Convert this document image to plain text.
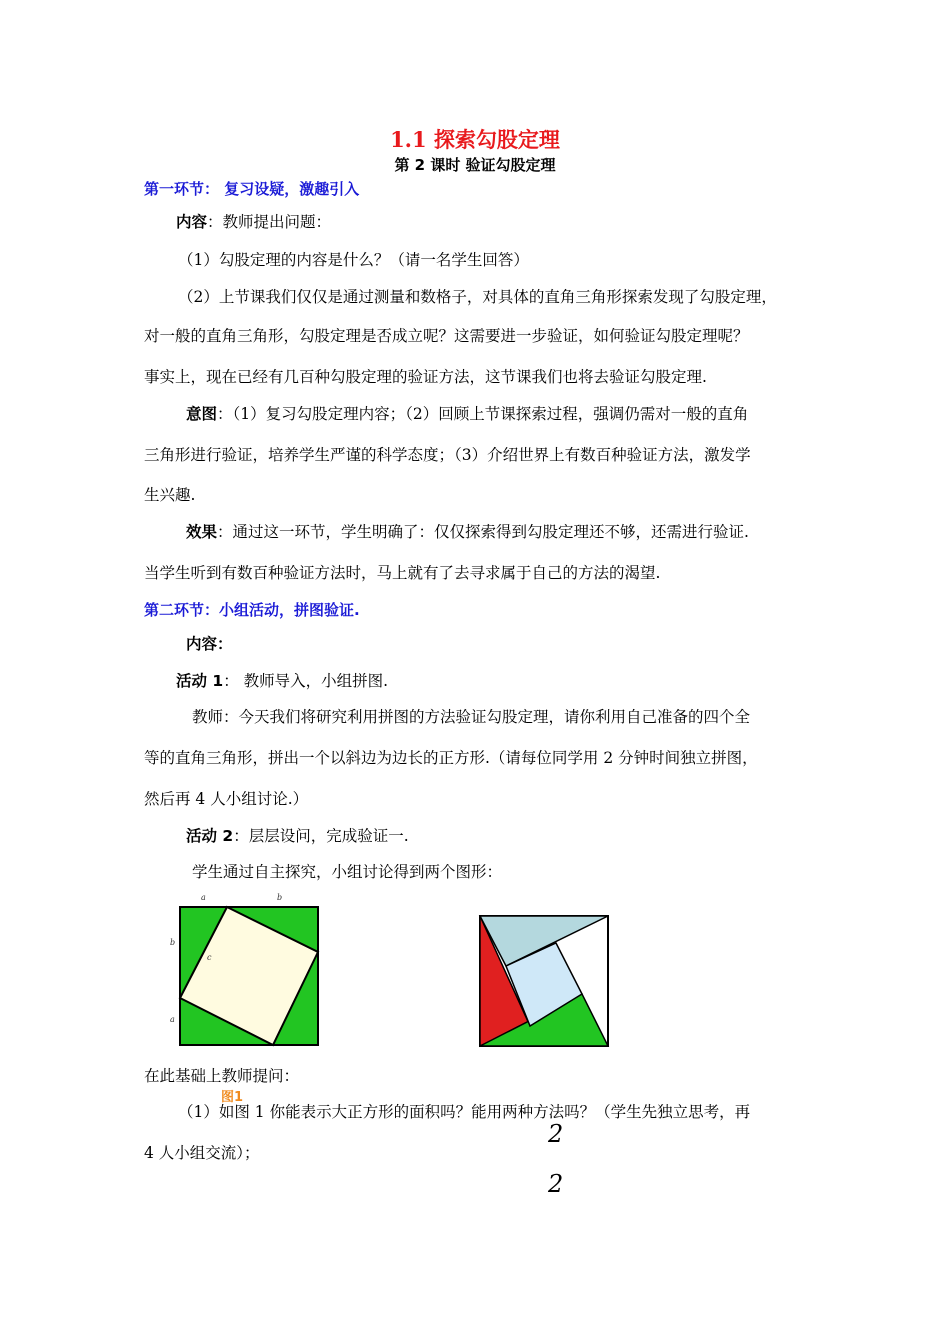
1.1 探索勾股定理
第 2 课时 验证勾股定理
第一环节： 复习设疑，激趣引入
内容：教师提出问题：
（1）勾股定理的内容是什么？（请一名学生回答）
（2）上节课我们仅仅是通过测量和数格子，对具体的直角三角形探索发现了勾股定理，
对一般的直角三角形，勾股定理是否成立呢？这需要进一步验证，如何验证勾股定理呢？
事实上，现在已经有几百种勾股定理的验证方法，这节课我们也将去验证勾股定理.
意图：（1）复习勾股定理内容；（2）回顾上节课探索过程，强调仍需对一般的直角
三角形进行验证，培养学生严谨的科学态度；（3）介绍世界上有数百种验证方法，激发学
生兴趣.
效果：通过这一环节，学生明确了：仅仅探索得到勾股定理还不够，还需进行验证.
当学生听到有数百种验证方法时，马上就有了去寻求属于自己的方法的渴望.
第二环节：小组活动，拼图验证.
内容：
活动 1： 教师导入，小组拼图.
教师：今天我们将研究利用拼图的方法验证勾股定理，请你利用自己准备的四个全
等的直角三角形，拼出一个以斜边为边长的正方形.（请每位同学用 2 分钟时间独立拼图，
然后再 4 人小组讨论.）
活动 2：层层设问，完成验证一.
学生通过自主探究，小组讨论得到两个图形：
a	b
b
a
c
在此基础上教师提问：
图1
（1）如图 1 你能表示大正方形的面积吗？能用两种方法吗？（学生先独立思考，再
4 人小组交流）；
2
2
